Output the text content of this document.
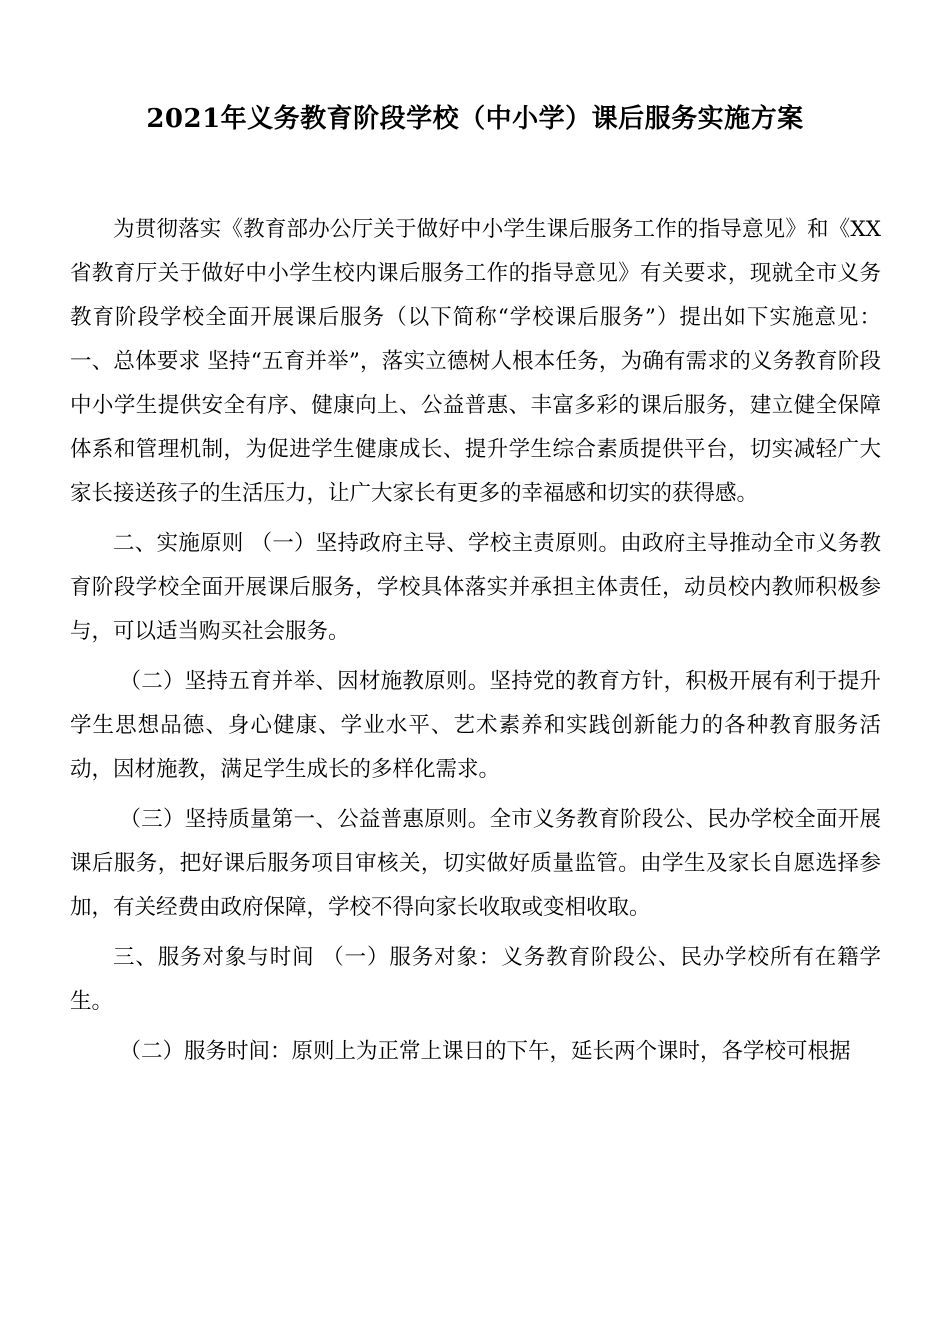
2021年义务教育阶段学校（中小学）课后服务实施方案

为贯彻落实《教育部办公厅关于做好中小学生课后服务工作的指导意见》和《XX省教育厅关于做好中小学生校内课后服务工作的指导意见》有关要求，现就全市义务教育阶段学校全面开展课后服务（以下简称“学校课后服务”）提出如下实施意见： 一、总体要求 坚持“五育并举”，落实立德树人根本任务，为确有需求的义务教育阶段中小学生提供安全有序、健康向上、公益普惠、丰富多彩的课后服务，建立健全保障体系和管理机制，为促进学生健康成长、提升学生综合素质提供平台，切实减轻广大家长接送孩子的生活压力，让广大家长有更多的幸福感和切实的获得感。

二、实施原则 （一）坚持政府主导、学校主责原则。由政府主导推动全市义务教育阶段学校全面开展课后服务，学校具体落实并承担主体责任，动员校内教师积极参与，可以适当购买社会服务。

（二）坚持五育并举、因材施教原则。坚持党的教育方针，积极开展有利于提升学生思想品德、身心健康、学业水平、艺术素养和实践创新能力的各种教育服务活动，因材施教，满足学生成长的多样化需求。

（三）坚持质量第一、公益普惠原则。全市义务教育阶段公、民办学校全面开展课后服务，把好课后服务项目审核关，切实做好质量监管。由学生及家长自愿选择参加，有关经费由政府保障，学校不得向家长收取或变相收取。

三、服务对象与时间 （一）服务对象：义务教育阶段公、民办学校所有在籍学生。

（二）服务时间：原则上为正常上课日的下午，延长两个课时，各学校可根据
